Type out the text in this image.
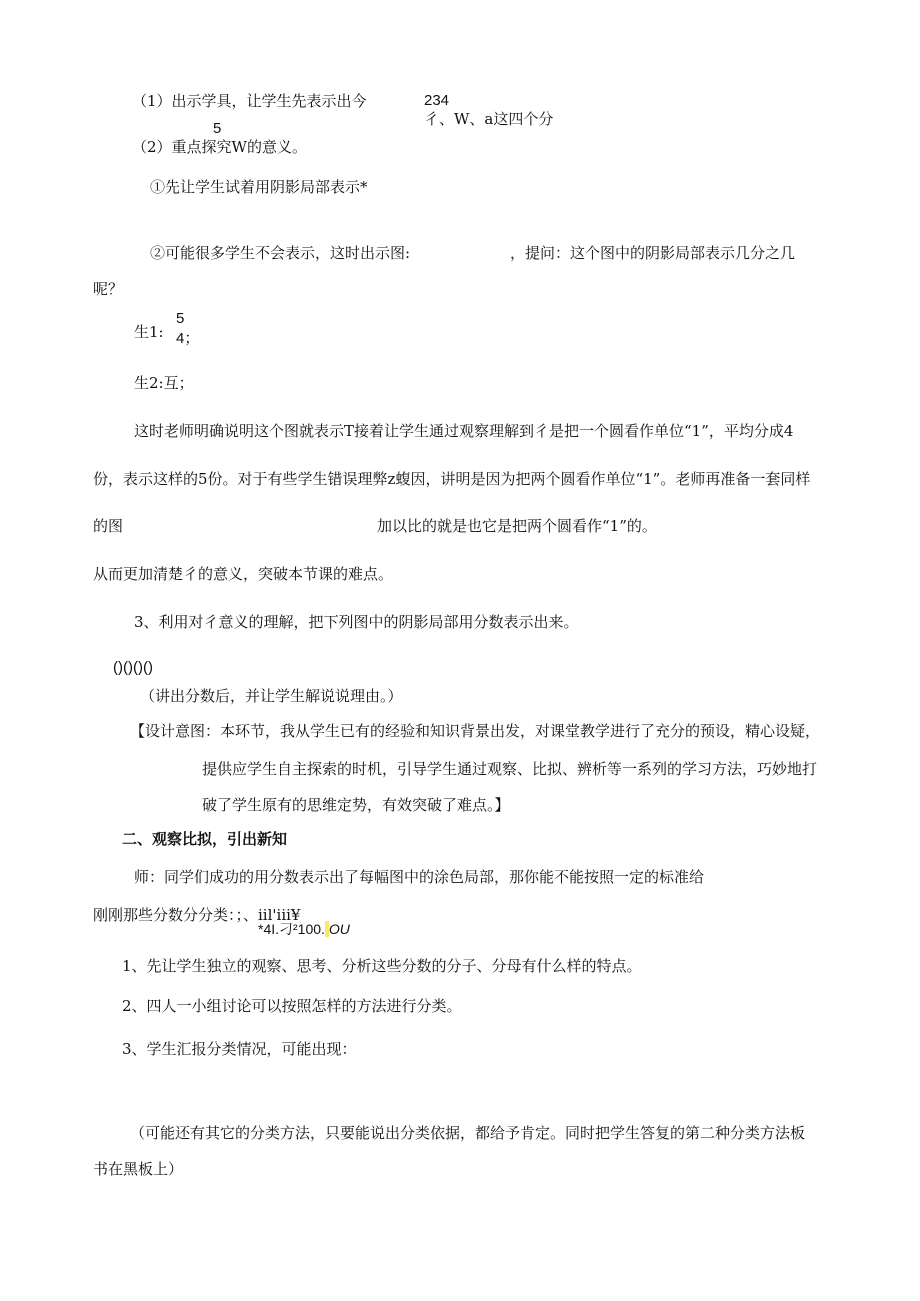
（1）出示学具，让学生先表示出今	234
彳、W、a这四个分
5
（2）重点探究W的意义。
①先让学生试着用阴影局部表示*
②可能很多学生不会表示，这时出示图:	，提问：这个图中的阴影局部表示几分之几
呢？
生1:
5
4；
生2:互；
这时老师明确说明这个图就表示T接着让学生通过观察理解到彳是把一个圆看作单位“1”，平均分成4
份，表示这样的5份。对于有些学生错误理弊z蝮因，讲明是因为把两个圆看作单位“1”。老师再准备一套同样
的图	加以比的就是也它是把两个圆看作“1”的。
从而更加清楚彳的意义，突破本节课的难点。
3、利用对彳意义的理解，把下列图中的阴影局部用分数表示出来。
()()()()
（讲出分数后，并让学生解说说理由。）
【设计意图：本环节，我从学生已有的经验和知识背景出发，对课堂教学进行了充分的预设，精心设疑，
提供应学生自主探索的时机，引导学生通过观察、比拟、辨析等一系列的学习方法，巧妙地打
破了学生原有的思维定势，有效突破了难点。】
二、观察比拟，引出新知
师：同学们成功的用分数表示出了每幅图中的涂色局部，那你能不能按照一定的标准给
刚刚那些分数分分类：；、iil'iii¥
*4I.刁²100. OU
1、先让学生独立的观察、思考、分析这些分数的分子、分母有什么样的特点。
2、四人一小组讨论可以按照怎样的方法进行分类。
3、学生汇报分类情况，可能出现：
（可能还有其它的分类方法，只要能说出分类依据，都给予肯定。同时把学生答复的第二种分类方法板
书在黑板上）
